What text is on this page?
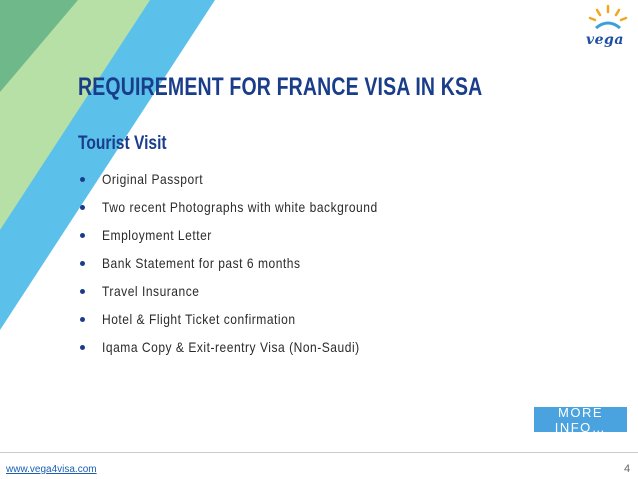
vega
REQUIREMENT FOR FRANCE VISA IN KSA
Tourist Visit
Original Passport
Two recent Photographs with white background
Employment Letter
Bank Statement for past 6 months
Travel Insurance
Hotel & Flight Ticket confirmation
Iqama Copy & Exit-reentry Visa (Non-Saudi)
MORE INFO…
www.vega4visa.com	4
